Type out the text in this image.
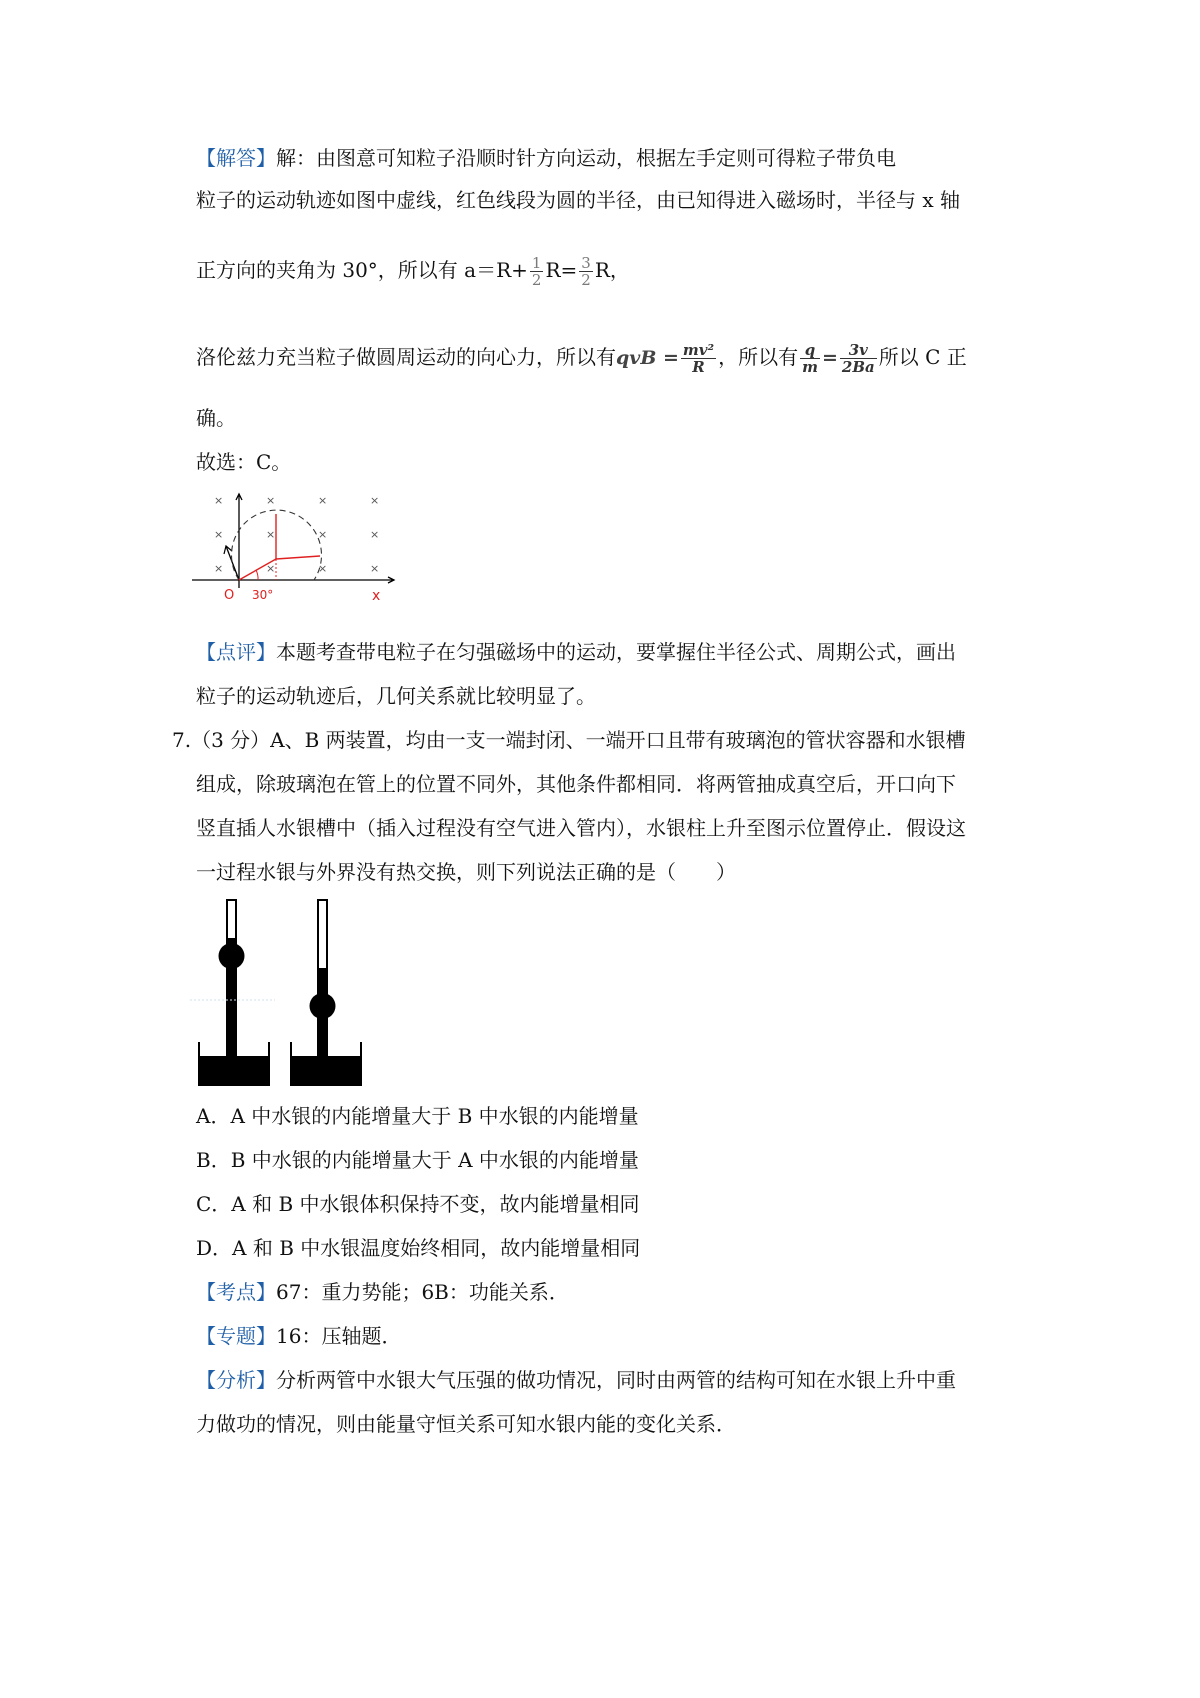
【解答】解：由图意可知粒子沿顺时针方向运动，根据左手定则可得粒子带负电
粒子的运动轨迹如图中虚线，红色线段为圆的半径，由已知得进入磁场时，半径与 x 轴
正方向的夹角为 30°，所以有 $a=R+ \frac{1}{2} R= \frac{3}{2}$ R，
洛伦兹力充当粒子做圆周运动的向心力，所以有qvB = $\frac{\text{mv²}}{R}$ ，所以有 $\frac{q}{m} = \frac{3v}{2Ba}$ 所以 C 正
确。
故选：C。
×	×	×	×
×	×	×	×
×	×	×	×
O 30°	x
【点评】本题考查带电粒子在匀强磁场中的运动，要掌握住半径公式、周期公式，画出
粒子的运动轨迹后，几何关系就比较明显了。
7.（3 分）A、B 两装置，均由一支一端封闭、一端开口且带有玻璃泡的管状容器和水银槽
组成，除玻璃泡在管上的位置不同外，其他条件都相同．将两管抽成真空后，开口向下
竖直插人水银槽中（插入过程没有空气进入管内），水银柱上升至图示位置停止．假设这
一过程水银与外界没有热交换，则下列说法正确的是（　　）
A．A 中水银的内能增量大于 B 中水银的内能增量
B．B 中水银的内能增量大于 A 中水银的内能增量
C．A 和 B 中水银体积保持不变，故内能增量相同
D．A 和 B 中水银温度始终相同，故内能增量相同
【考点】67：重力势能；6B：功能关系．
【专题】16：压轴题．
【分析】分析两管中水银大气压强的做功情况，同时由两管的结构可知在水银上升中重
力做功的情况，则由能量守恒关系可知水银内能的变化关系．
